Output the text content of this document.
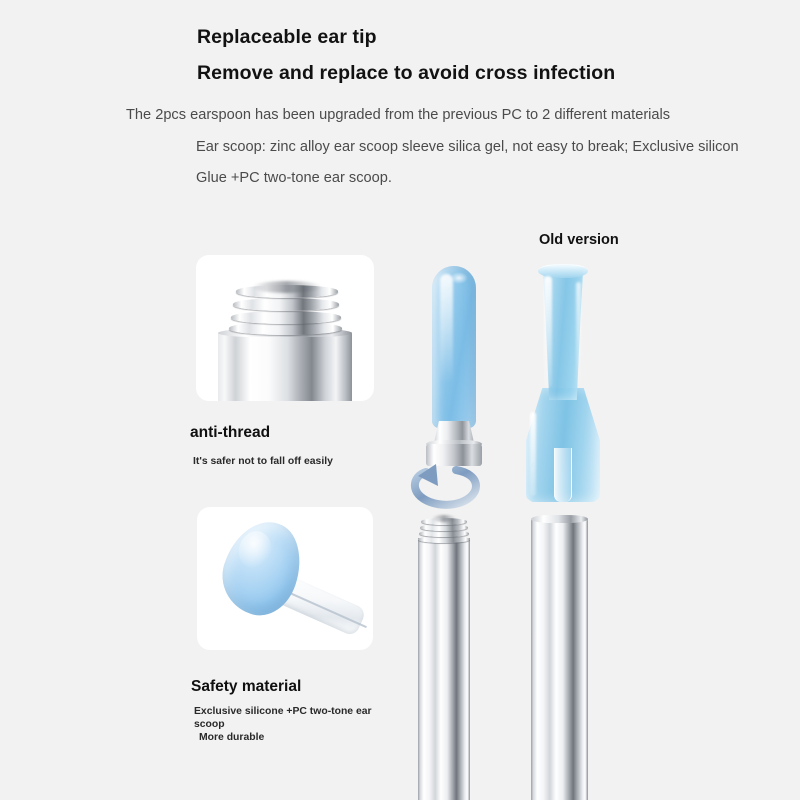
Replaceable ear tip
Remove and replace to avoid cross infection
The 2pcs earspoon has been upgraded from the previous PC to 2 different materials
Ear scoop: zinc alloy ear scoop sleeve silica gel, not easy to break; Exclusive silicon
Glue +PC two-tone ear scoop.
Old version
anti-thread
It's safer not to fall off easily
Safety material
Exclusive silicone +PC two-tone ear scoop
More durable
